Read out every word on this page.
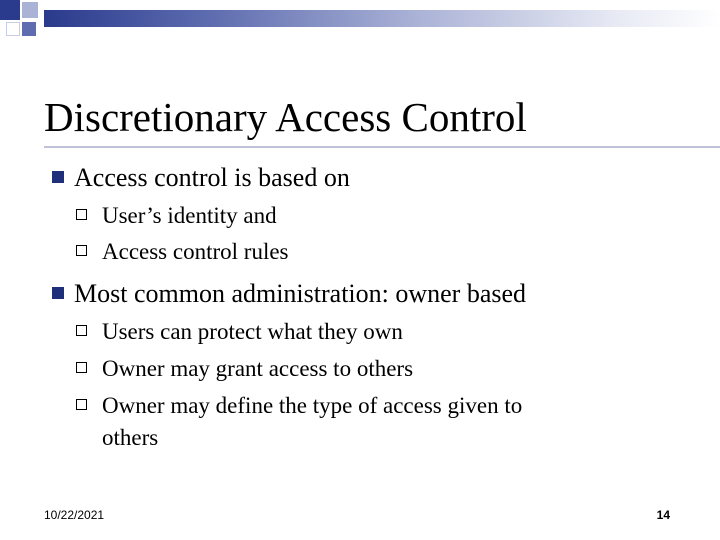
Discretionary Access Control
Access control is based on
User’s identity and
Access control rules
Most common administration: owner based
Users can protect what they own
Owner may grant access to others
Owner may define the type of access given to
others
10/22/2021	14
